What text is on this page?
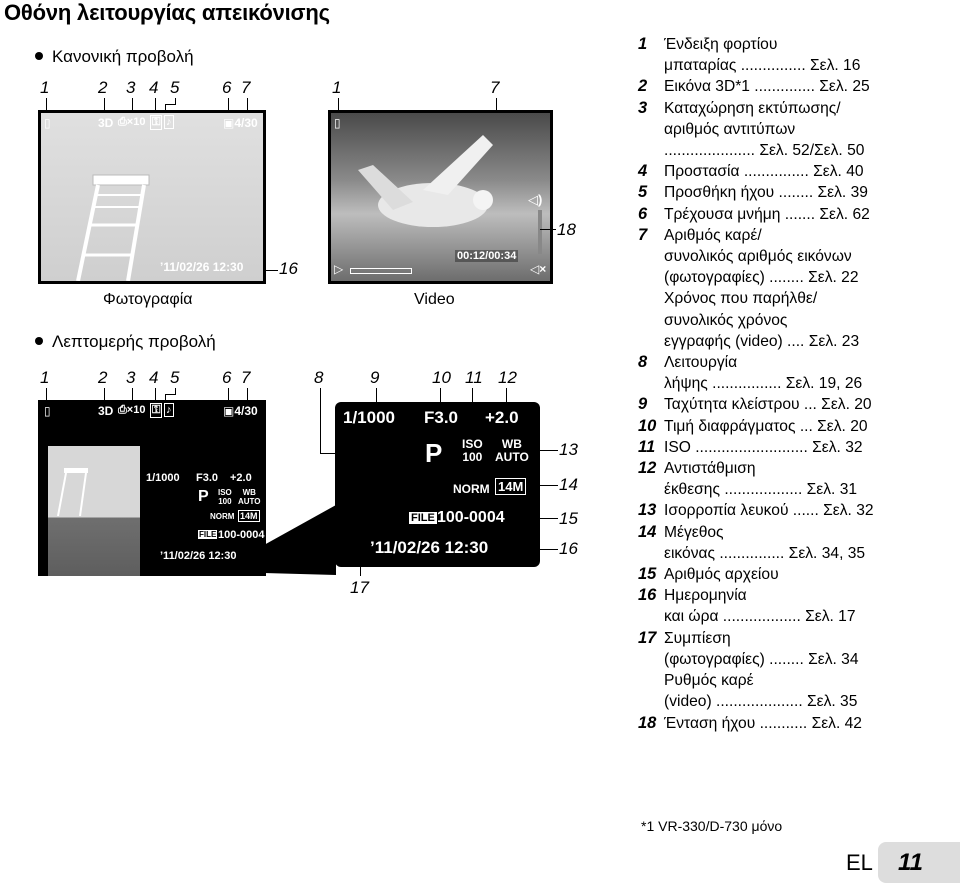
Οθόνη λειτουργίας απεικόνισης
Κανονική προβολή
1	2 3 4 5	6 7
▯	3D ⎙×10 ⚿ ♪	▣4/30
’11/02/26 12:30 16
Φωτογραφία
1	7
▯
◁)
00:12/00:34
▷	◁×
18
Video
Λεπτομερής προβολή
1	2 3 4 5	6 7
▯	3D ⎙×10 ⚿ ♪	▣4/30
1/1000 F3.0 +2.0
P ISO
100
WB
AUTO
NORM 14M
FILE 100-0004
’11/02/26 12:30
8	9	10 11 12
1/1000 F3.0 +2.0
P ISO
100
WB
AUTO
NORM 14M
FILE 100-0004
’11/02/26 12:30
13
14
15
16
17
1	Ένδειξη φορτίου
μπαταρίας ............... Σελ. 16
2	Εικόνα 3D*1 .............. Σελ. 25
3	Καταχώρηση εκτύπωσης/
αριθμός αντιτύπων
..................... Σελ. 52/Σελ. 50
4	Προστασία ............... Σελ. 40
5	Προσθήκη ήχου ........ Σελ. 39
6	Τρέχουσα μνήμη ....... Σελ. 62
7	Αριθμός καρέ/
συνολικός αριθμός εικόνων
(φωτογραφίες) ........ Σελ. 22
Χρόνος που παρήλθε/
συνολικός χρόνος
εγγραφής (video) .... Σελ. 23
8	Λειτουργία
λήψης ................ Σελ. 19, 26
9	Ταχύτητα κλείστρου ... Σελ. 20
10 Τιμή διαφράγματος ... Σελ. 20
11 ISO .......................... Σελ. 32
12 Αντιστάθμιση
έκθεσης .................. Σελ. 31
13 Ισορροπία λευκού ...... Σελ. 32
14 Μέγεθος
εικόνας ............... Σελ. 34, 35
15 Αριθμός αρχείου
16 Ημερομηνία
και ώρα .................. Σελ. 17
17 Συμπίεση
(φωτογραφίες) ........ Σελ. 34
Ρυθμός καρέ
(video) .................... Σελ. 35
18 Ένταση ήχου ........... Σελ. 42
*1 VR-330/D-730 μόνο
EL 11
